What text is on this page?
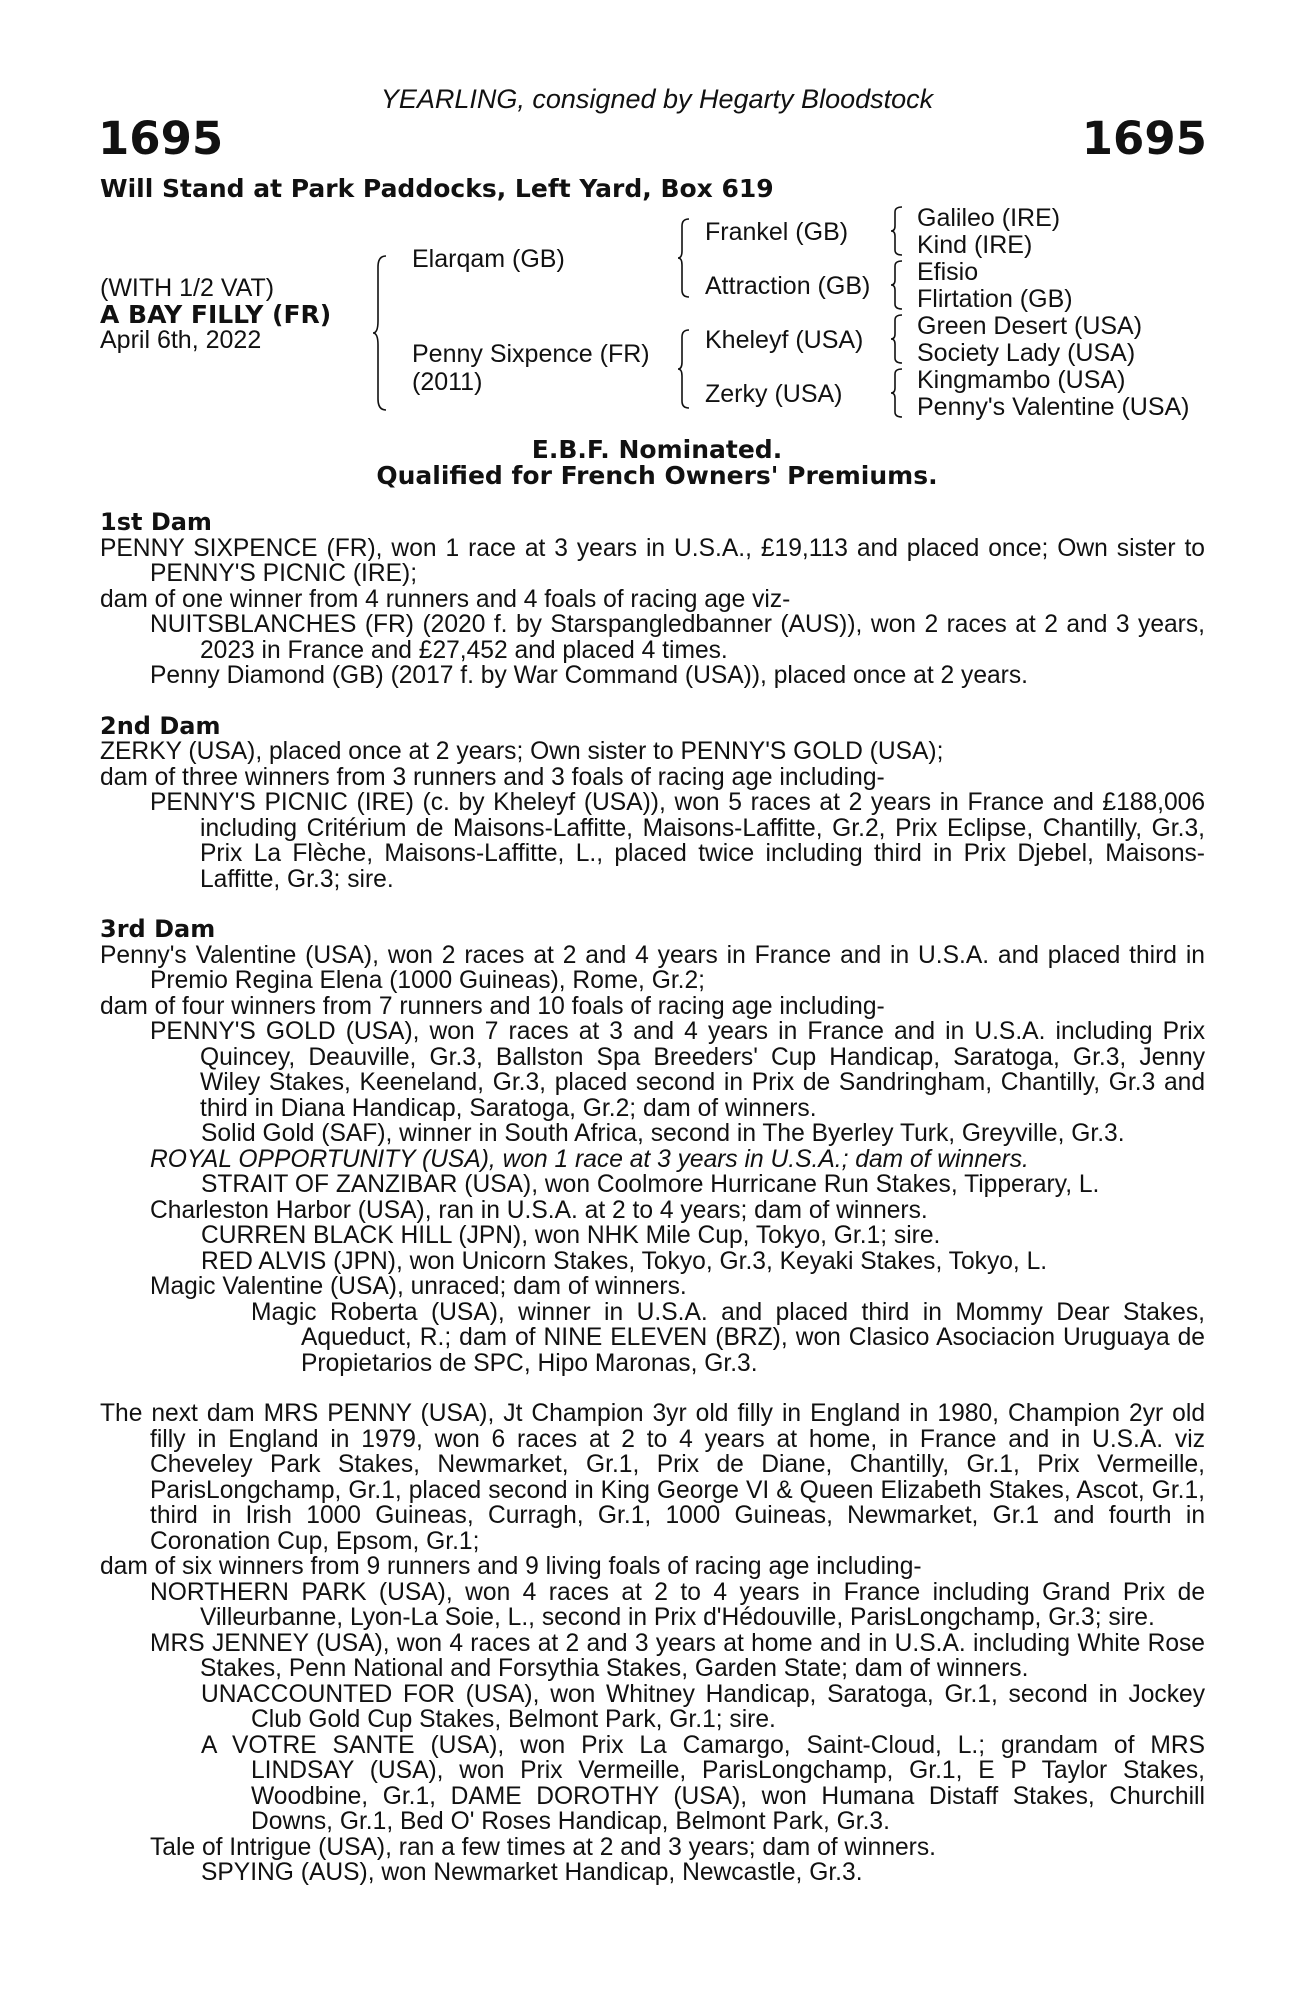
YEARLING, consigned by Hegarty Bloodstock
1695	1695
Will Stand at Park Paddocks, Left Yard, Box 619
(WITH 1/2 VAT)
A BAY FILLY (FR)
April 6th, 2022
Elarqam (GB)
Penny Sixpence (FR)
(2011)
Frankel (GB)
Attraction (GB)
Kheleyf (USA)
Zerky (USA)
Galileo (IRE)
Kind (IRE)
Efisio
Flirtation (GB)
Green Desert (USA)
Society Lady (USA)
Kingmambo (USA)
Penny's Valentine (USA)
E.B.F. Nominated.
Qualified for French Owners' Premiums.
1st Dam

PENNY SIXPENCE (FR), won 1 race at 3 years in U.S.A., £19,113 and placed once; Own sister to PENNY'S PICNIC (IRE);

dam of one winner from 4 runners and 4 foals of racing age viz-

NUITSBLANCHES (FR) (2020 f. by Starspangledbanner (AUS)), won 2 races at 2 and 3 years, 2023 in France and £27,452 and placed 4 times.

Penny Diamond (GB) (2017 f. by War Command (USA)), placed once at 2 years.

2nd Dam

ZERKY (USA), placed once at 2 years; Own sister to PENNY'S GOLD (USA);

dam of three winners from 3 runners and 3 foals of racing age including-

PENNY'S PICNIC (IRE) (c. by Kheleyf (USA)), won 5 races at 2 years in France and £188,006 including Critérium de Maisons-Laffitte, Maisons-Laffitte, Gr.2, Prix Eclipse, Chantilly, Gr.3, Prix La Flèche, Maisons-Laffitte, L., placed twice including third in Prix Djebel, Maisons-Laffitte, Gr.3; sire.

3rd Dam

Penny's Valentine (USA), won 2 races at 2 and 4 years in France and in U.S.A. and placed third in Premio Regina Elena (1000 Guineas), Rome, Gr.2;

dam of four winners from 7 runners and 10 foals of racing age including-

PENNY'S GOLD (USA), won 7 races at 3 and 4 years in France and in U.S.A. including Prix Quincey, Deauville, Gr.3, Ballston Spa Breeders' Cup Handicap, Saratoga, Gr.3, Jenny Wiley Stakes, Keeneland, Gr.3, placed second in Prix de Sandringham, Chantilly, Gr.3 and third in Diana Handicap, Saratoga, Gr.2; dam of winners.

Solid Gold (SAF), winner in South Africa, second in The Byerley Turk, Greyville, Gr.3.

ROYAL OPPORTUNITY (USA), won 1 race at 3 years in U.S.A.; dam of winners.

STRAIT OF ZANZIBAR (USA), won Coolmore Hurricane Run Stakes, Tipperary, L.

Charleston Harbor (USA), ran in U.S.A. at 2 to 4 years; dam of winners.

CURREN BLACK HILL (JPN), won NHK Mile Cup, Tokyo, Gr.1; sire.

RED ALVIS (JPN), won Unicorn Stakes, Tokyo, Gr.3, Keyaki Stakes, Tokyo, L.

Magic Valentine (USA), unraced; dam of winners.

Magic Roberta (USA), winner in U.S.A. and placed third in Mommy Dear Stakes, Aqueduct, R.; dam of NINE ELEVEN (BRZ), won Clasico Asociacion Uruguaya de Propietarios de SPC, Hipo Maronas, Gr.3.

The next dam MRS PENNY (USA), Jt Champion 3yr old filly in England in 1980, Champion 2yr old filly in England in 1979, won 6 races at 2 to 4 years at home, in France and in U.S.A. viz Cheveley Park Stakes, Newmarket, Gr.1, Prix de Diane, Chantilly, Gr.1, Prix Vermeille, ParisLongchamp, Gr.1, placed second in King George VI & Queen Elizabeth Stakes, Ascot, Gr.1, third in Irish 1000 Guineas, Curragh, Gr.1, 1000 Guineas, Newmarket, Gr.1 and fourth in Coronation Cup, Epsom, Gr.1;

dam of six winners from 9 runners and 9 living foals of racing age including-

NORTHERN PARK (USA), won 4 races at 2 to 4 years in France including Grand Prix de Villeurbanne, Lyon-La Soie, L., second in Prix d'Hédouville, ParisLongchamp, Gr.3; sire.

MRS JENNEY (USA), won 4 races at 2 and 3 years at home and in U.S.A. including White Rose Stakes, Penn National and Forsythia Stakes, Garden State; dam of winners.

UNACCOUNTED FOR (USA), won Whitney Handicap, Saratoga, Gr.1, second in Jockey Club Gold Cup Stakes, Belmont Park, Gr.1; sire.

A VOTRE SANTE (USA), won Prix La Camargo, Saint-Cloud, L.; grandam of MRS LINDSAY (USA), won Prix Vermeille, ParisLongchamp, Gr.1, E P Taylor Stakes, Woodbine, Gr.1, DAME DOROTHY (USA), won Humana Distaff Stakes, Churchill Downs, Gr.1, Bed O' Roses Handicap, Belmont Park, Gr.3.

Tale of Intrigue (USA), ran a few times at 2 and 3 years; dam of winners.

SPYING (AUS), won Newmarket Handicap, Newcastle, Gr.3.
